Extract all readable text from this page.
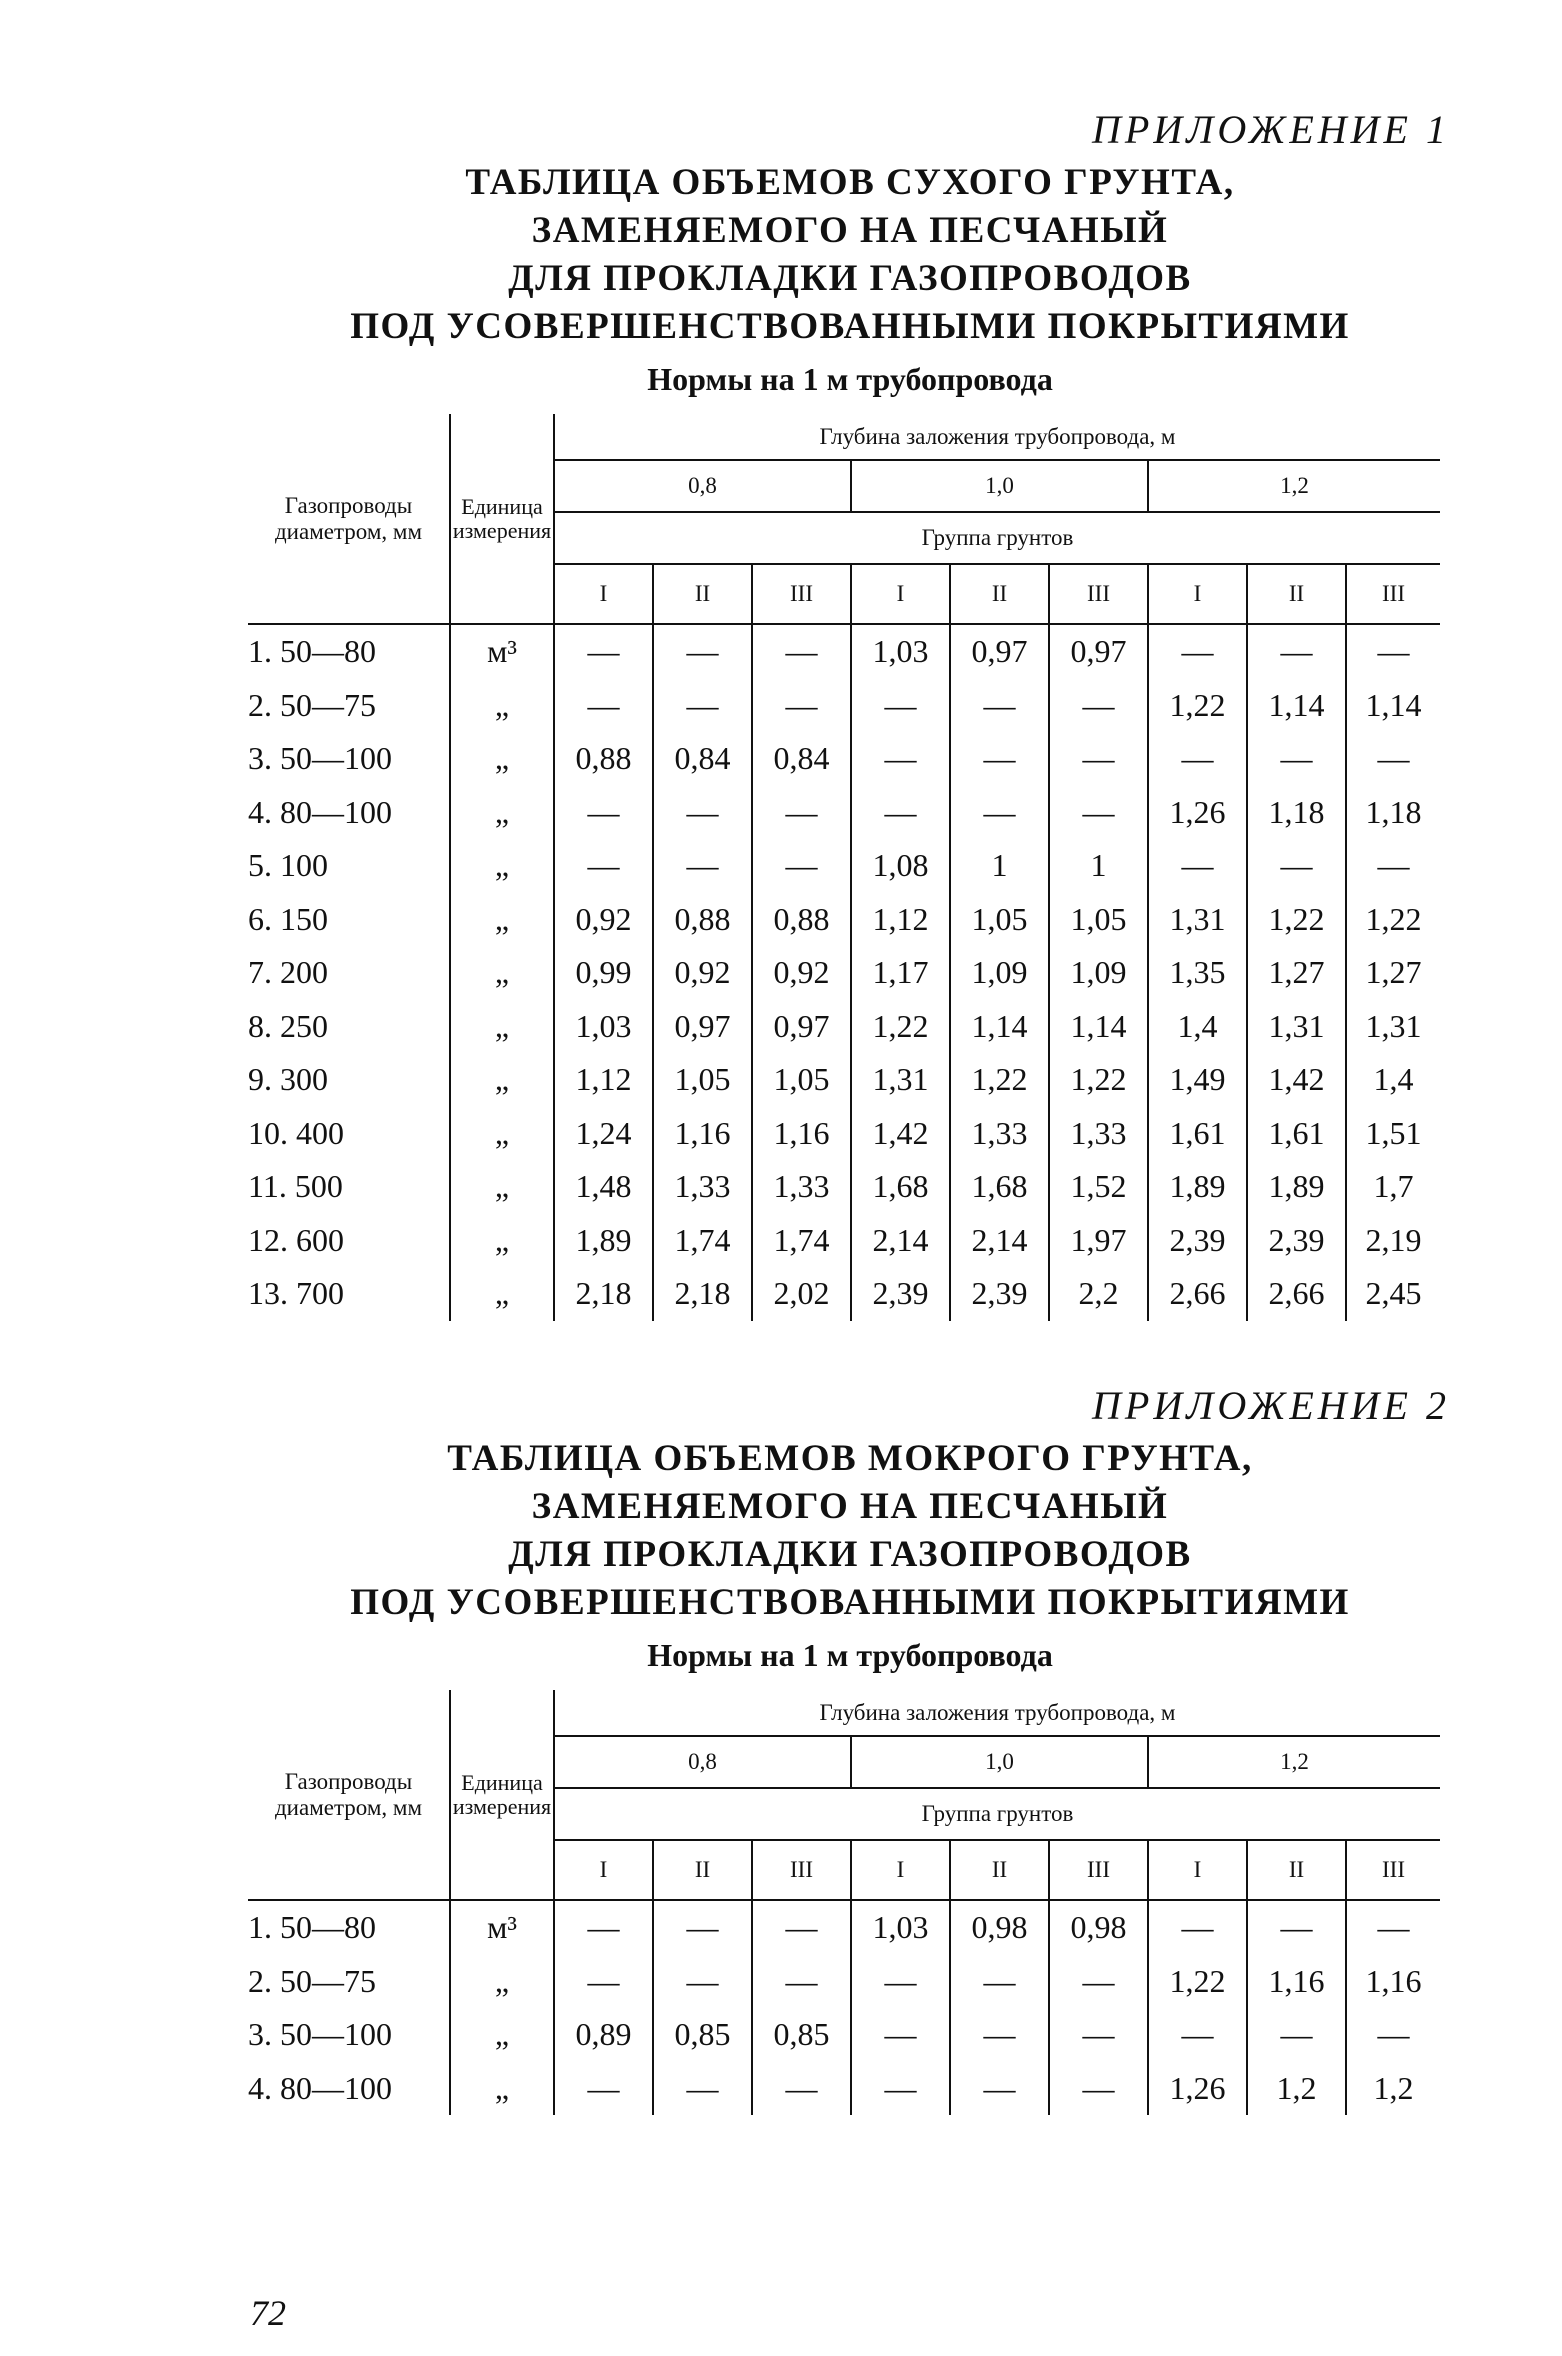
ПРИЛОЖЕНИЕ 1
ТАБЛИЦА ОБЪЕМОВ СУХОГО ГРУНТА,
ЗАМЕНЯЕМОГО НА ПЕСЧАНЫЙ
ДЛЯ ПРОКЛАДКИ ГАЗОПРОВОДОВ
ПОД УСОВЕРШЕНСТВОВАННЫМИ ПОКРЫТИЯМИ
Нормы на 1 м трубопровода
Газопроводы диаметром, мм	Единица измерения	Глубина заложения трубопровода, м								
		0,8			1,0			1,2		
		Группа грунтов								
		I	II	III	I	II	III	I	II	III
1. 50—80	м³	—	—	—	1,03	0,97	0,97	—	—	—
2. 50—75	„	—	—	—	—	—	—	1,22	1,14	1,14
3. 50—100	„	0,88	0,84	0,84	—	—	—	—	—	—
4. 80—100	„	—	—	—	—	—	—	1,26	1,18	1,18
5. 100	„	—	—	—	1,08	1	1	—	—	—
6. 150	„	0,92	0,88	0,88	1,12	1,05	1,05	1,31	1,22	1,22
7. 200	„	0,99	0,92	0,92	1,17	1,09	1,09	1,35	1,27	1,27
8. 250	„	1,03	0,97	0,97	1,22	1,14	1,14	1,4	1,31	1,31
9. 300	„	1,12	1,05	1,05	1,31	1,22	1,22	1,49	1,42	1,4
10. 400	„	1,24	1,16	1,16	1,42	1,33	1,33	1,61	1,61	1,51
11. 500	„	1,48	1,33	1,33	1,68	1,68	1,52	1,89	1,89	1,7
12. 600	„	1,89	1,74	1,74	2,14	2,14	1,97	2,39	2,39	2,19
13. 700	„	2,18	2,18	2,02	2,39	2,39	2,2	2,66	2,66	2,45
ПРИЛОЖЕНИЕ 2
ТАБЛИЦА ОБЪЕМОВ МОКРОГО ГРУНТА,
ЗАМЕНЯЕМОГО НА ПЕСЧАНЫЙ
ДЛЯ ПРОКЛАДКИ ГАЗОПРОВОДОВ
ПОД УСОВЕРШЕНСТВОВАННЫМИ ПОКРЫТИЯМИ
Нормы на 1 м трубопровода
Газопроводы диаметром, мм	Единица измерения	Глубина заложения трубопровода, м								
		0,8			1,0			1,2		
		Группа грунтов								
		I	II	III	I	II	III	I	II	III
1. 50—80	м³	—	—	—	1,03	0,98	0,98	—	—	—
2. 50—75	„	—	—	—	—	—	—	1,22	1,16	1,16
3. 50—100	„	0,89	0,85	0,85	—	—	—	—	—	—
4. 80—100	„	—	—	—	—	—	—	1,26	1,2	1,2
72
